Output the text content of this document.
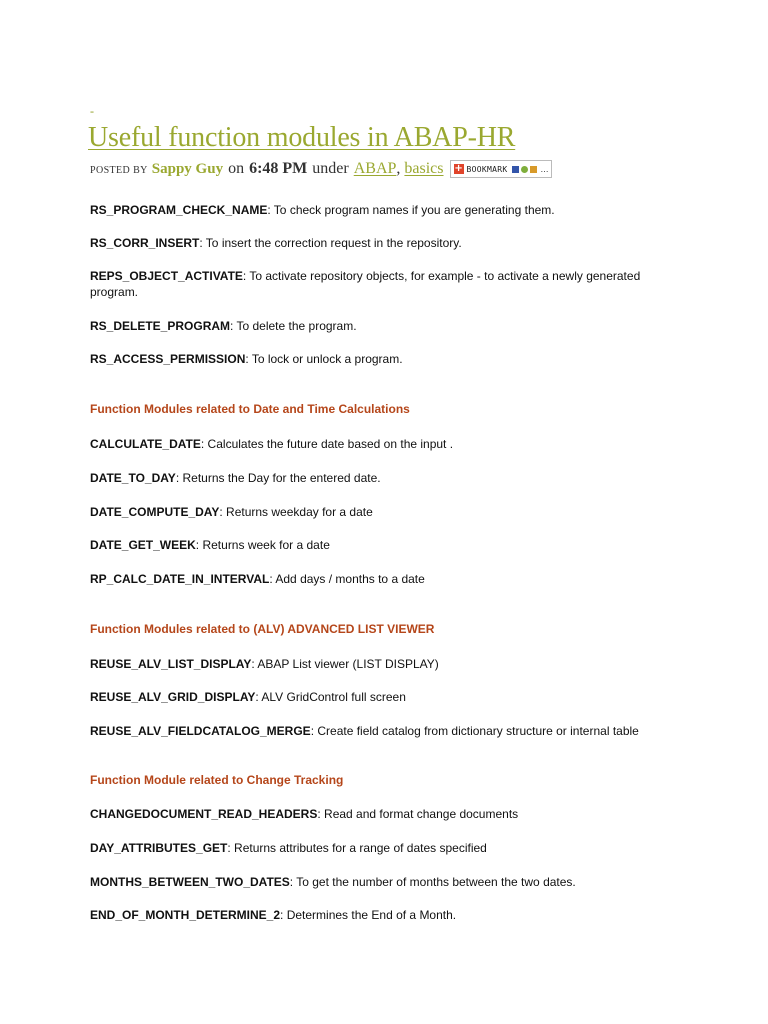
-
Useful function modules in ABAP-HR
POSTED BY Sappy Guy on 6:48 PM under ABAP , basics + BOOKMARK	…
RS_PROGRAM_CHECK_NAME: To check program names if you are generating them.
RS_CORR_INSERT: To insert the correction request in the repository.
REPS_OBJECT_ACTIVATE: To activate repository objects, for example - to activate a newly generated program.
RS_DELETE_PROGRAM: To delete the program.
RS_ACCESS_PERMISSION: To lock or unlock a program.
Function Modules related to Date and Time Calculations
CALCULATE_DATE: Calculates the future date based on the input .
DATE_TO_DAY: Returns the Day for the entered date.
DATE_COMPUTE_DAY: Returns weekday for a date
DATE_GET_WEEK: Returns week for a date
RP_CALC_DATE_IN_INTERVAL: Add days / months to a date
Function Modules related to (ALV) ADVANCED LIST VIEWER
REUSE_ALV_LIST_DISPLAY: ABAP List viewer (LIST DISPLAY)
REUSE_ALV_GRID_DISPLAY: ALV GridControl full screen
REUSE_ALV_FIELDCATALOG_MERGE: Create field catalog from dictionary structure or internal table
Function Module related to Change Tracking
CHANGEDOCUMENT_READ_HEADERS: Read and format change documents
DAY_ATTRIBUTES_GET: Returns attributes for a range of dates specified
MONTHS_BETWEEN_TWO_DATES: To get the number of months between the two dates.
END_OF_MONTH_DETERMINE_2: Determines the End of a Month.
